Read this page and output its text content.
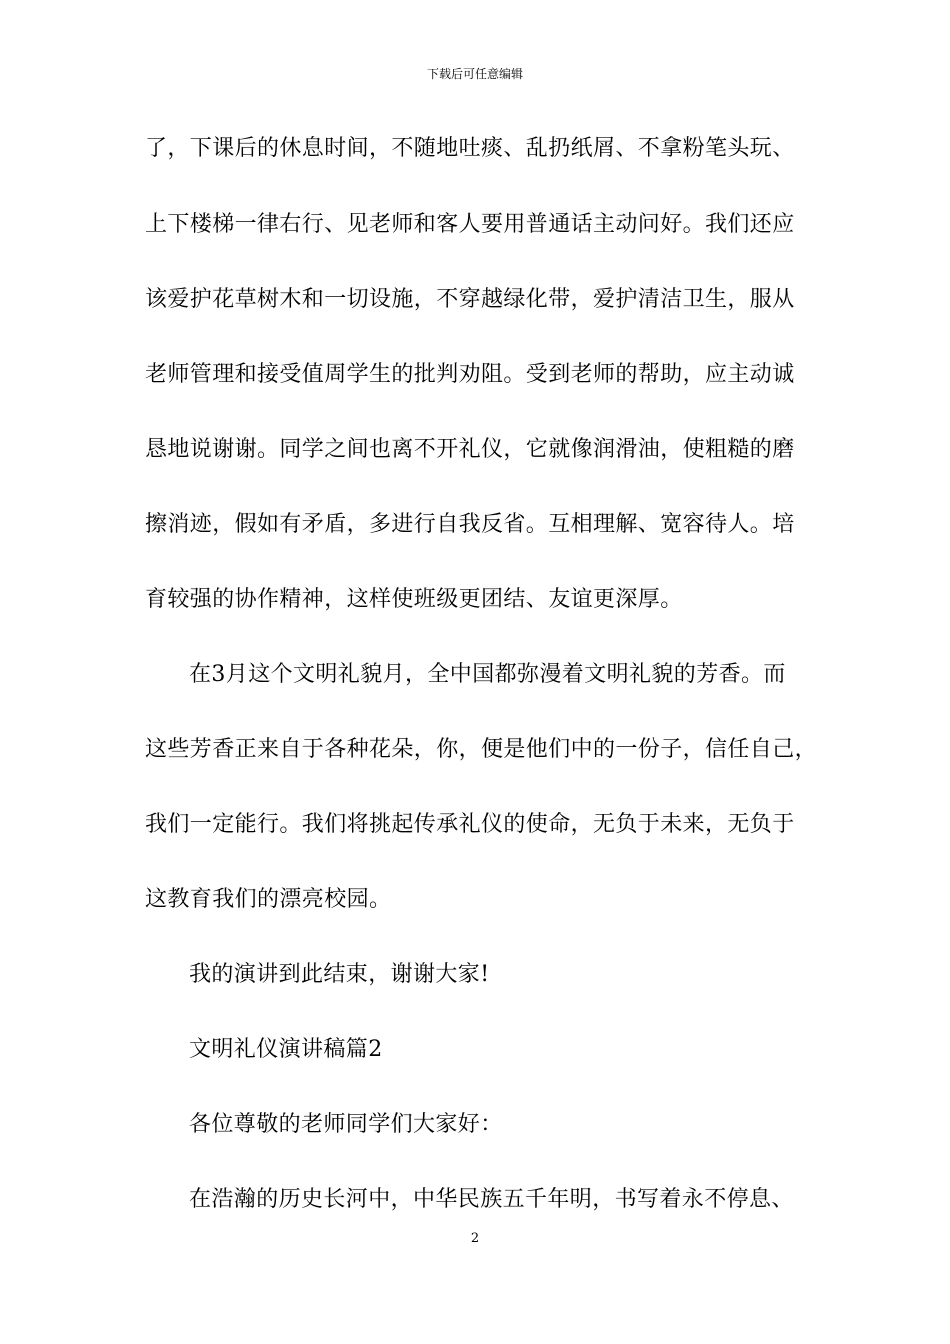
下载后可任意编辑
了，下课后的休息时间，不随地吐痰、乱扔纸屑、不拿粉笔头玩、
上下楼梯一律右行、见老师和客人要用普通话主动问好。我们还应
该爱护花草树木和一切设施，不穿越绿化带，爱护清洁卫生，服从
老师管理和接受值周学生的批判劝阻。受到老师的帮助，应主动诚
恳地说谢谢。同学之间也离不开礼仪，它就像润滑油，使粗糙的磨
擦消迹，假如有矛盾，多进行自我反省。互相理解、宽容待人。培
育较强的协作精神，这样使班级更团结、友谊更深厚。
在3月这个文明礼貌月，全中国都弥漫着文明礼貌的芳香。而
这些芳香正来自于各种花朵，你，便是他们中的一份子，信任自己，
我们一定能行。我们将挑起传承礼仪的使命，无负于未来，无负于
这教育我们的漂亮校园。
我的演讲到此结束，谢谢大家!
文明礼仪演讲稿篇2
各位尊敬的老师同学们大家好：
在浩瀚的历史长河中，中华民族五千年明，书写着永不停息、
2
